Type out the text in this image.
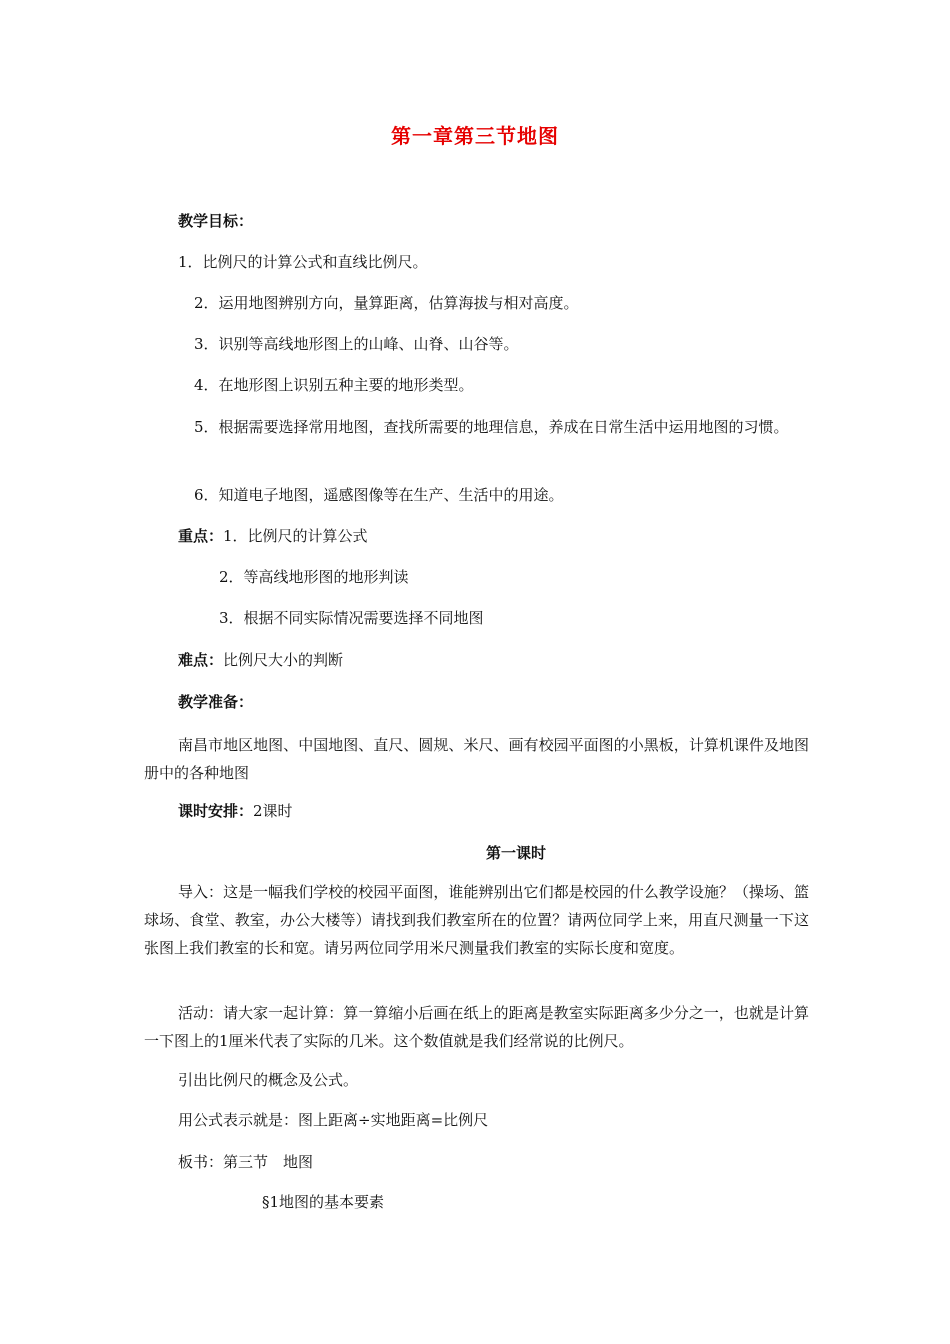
第一章第三节地图
教学目标：
1．比例尺的计算公式和直线比例尺。
2．运用地图辨别方向，量算距离，估算海拔与相对高度。
3．识别等高线地形图上的山峰、山脊、山谷等。
4．在地形图上识别五种主要的地形类型。
5．根据需要选择常用地图，查找所需要的地理信息，养成在日常生活中运用地图的习惯。
6．知道电子地图，遥感图像等在生产、生活中的用途。
重点：1．比例尺的计算公式
2．等高线地形图的地形判读
3．根据不同实际情况需要选择不同地图
难点：比例尺大小的判断
教学准备：
南昌市地区地图、中国地图、直尺、圆规、米尺、画有校园平面图的小黑板，计算机课件及地图册中的各种地图
课时安排：2课时
第一课时
导入：这是一幅我们学校的校园平面图，谁能辨别出它们都是校园的什么教学设施？（操场、篮球场、食堂、教室，办公大楼等）请找到我们教室所在的位置？请两位同学上来，用直尺测量一下这张图上我们教室的长和宽。请另两位同学用米尺测量我们教室的实际长度和宽度。
活动：请大家一起计算：算一算缩小后画在纸上的距离是教室实际距离多少分之一，也就是计算一下图上的1厘米代表了实际的几米。这个数值就是我们经常说的比例尺。
引出比例尺的概念及公式。
用公式表示就是：图上距离÷实地距离=比例尺
板书：第三节　地图
§1地图的基本要素
